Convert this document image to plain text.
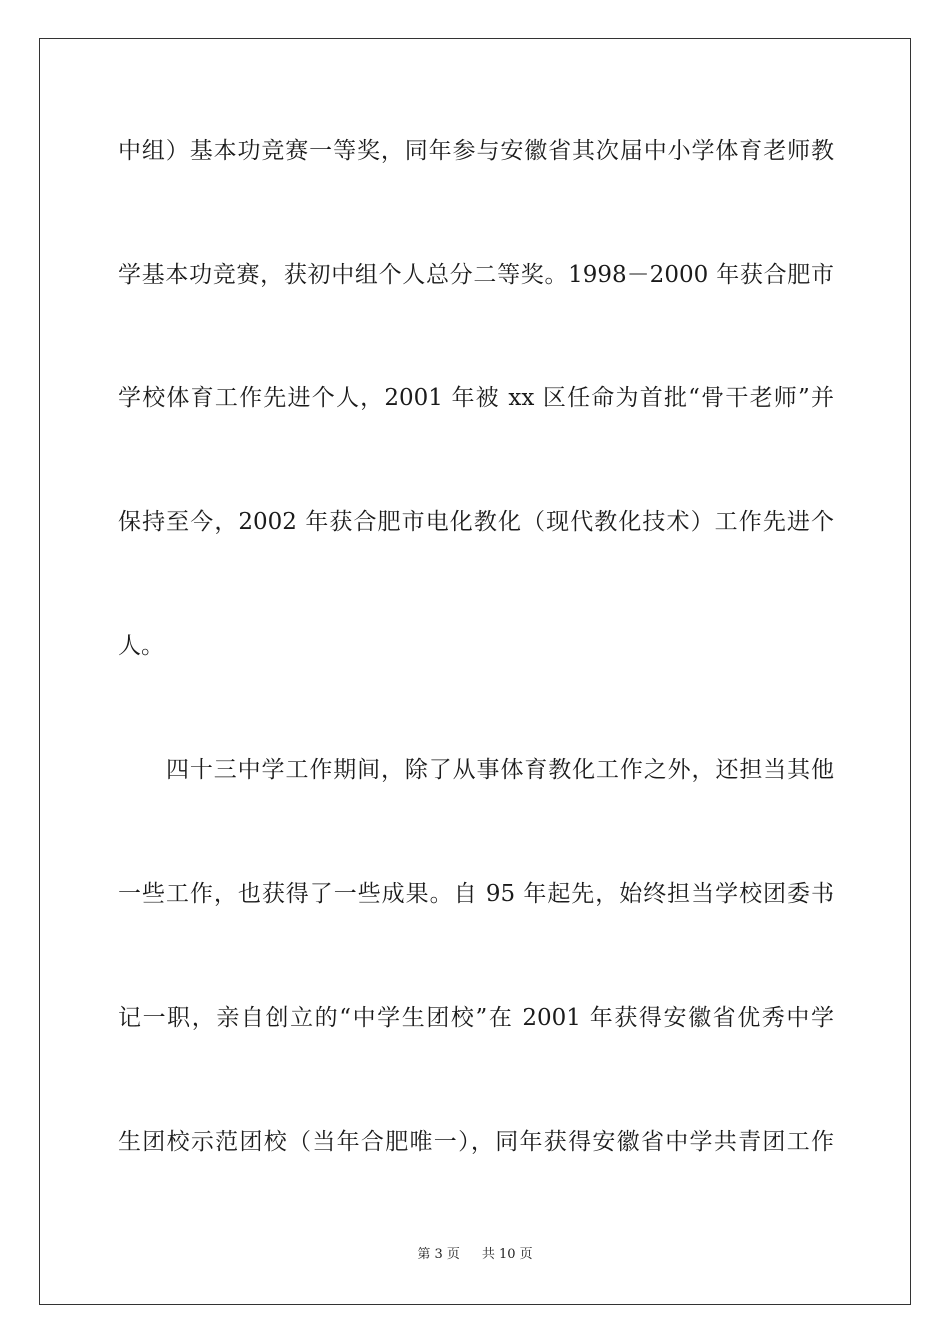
中组）基本功竞赛一等奖，同年参与安徽省其次届中小学体育老师教
学基本功竞赛，获初中组个人总分二等奖。1998－2000 年获合肥市
学校体育工作先进个人，2001 年被 xx 区任命为首批“骨干老师”并
保持至今，2002 年获合肥市电化教化（现代教化技术）工作先进个
人。
四十三中学工作期间，除了从事体育教化工作之外，还担当其他
一些工作，也获得了一些成果。自 95 年起先，始终担当学校团委书
记一职，亲自创立的“中学生团校”在 2001 年获得安徽省优秀中学
生团校示范团校（当年合肥唯一），同年获得安徽省中学共青团工作
第 3 页 共 10 页
